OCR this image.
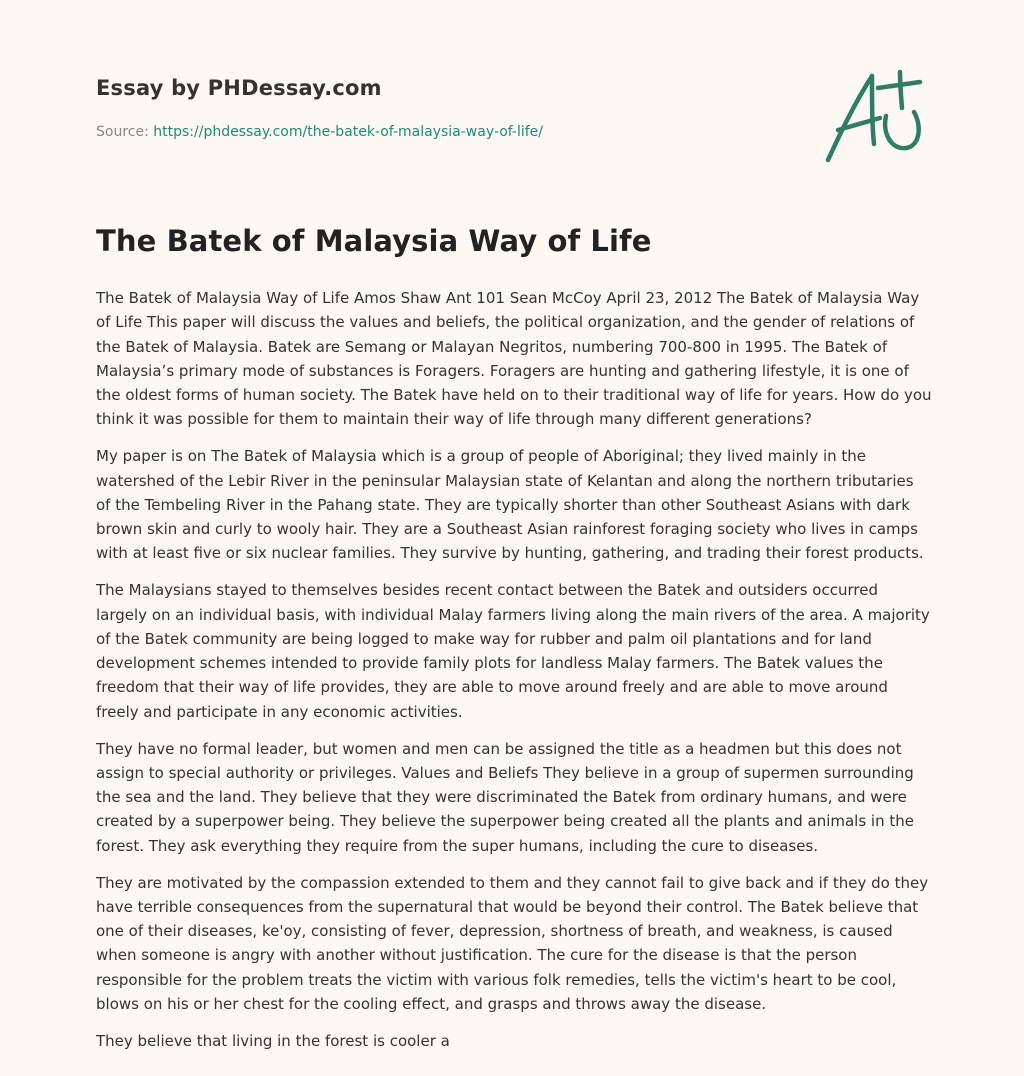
Essay by PHDessay.com
Source: https://phdessay.com/the-batek-of-malaysia-way-of-life/
The Batek of Malaysia Way of Life

The Batek of Malaysia Way of Life Amos Shaw Ant 101 Sean McCoy April 23, 2012 The Batek of Malaysia Way of Life This paper will discuss the values and beliefs, the political organization, and the gender of relations of the Batek of Malaysia. Batek are Semang or Malayan Negritos, numbering 700-800 in 1995. The Batek of Malaysia’s primary mode of substances is Foragers. Foragers are hunting and gathering lifestyle, it is one of the oldest forms of human society. The Batek have held on to their traditional way of life for years. How do you think it was possible for them to maintain their way of life through many different generations?

My paper is on The Batek of Malaysia which is a group of people of Aboriginal; they lived mainly in the watershed of the Lebir River in the peninsular Malaysian state of Kelantan and along the northern tributaries of the Tembeling River in the Pahang state. They are typically shorter than other Southeast Asians with dark brown skin and curly to wooly hair. They are a Southeast Asian rainforest foraging society who lives in camps with at least five or six nuclear families. They survive by hunting, gathering, and trading their forest products.

The Malaysians stayed to themselves besides recent contact between the Batek and outsiders occurred largely on an individual basis, with individual Malay farmers living along the main rivers of the area. A majority of the Batek community are being logged to make way for rubber and palm oil plantations and for land development schemes intended to provide family plots for landless Malay farmers. The Batek values the freedom that their way of life provides, they are able to move around freely and are able to move around freely and participate in any economic activities.

They have no formal leader, but women and men can be assigned the title as a headmen but this does not assign to special authority or privileges. Values and Beliefs They believe in a group of supermen surrounding the sea and the land. They believe that they were discriminated the Batek from ordinary humans, and were created by a superpower being. They believe the superpower being created all the plants and animals in the forest. They ask everything they require from the super humans, including the cure to diseases.

They are motivated by the compassion extended to them and they cannot fail to give back and if they do they have terrible consequences from the supernatural that would be beyond their control. The Batek believe that one of their diseases, ke'oy, consisting of fever, depression, shortness of breath, and weakness, is caused when someone is angry with another without justification. The cure for the disease is that the person responsible for the problem treats the victim with various folk remedies, tells the victim's heart to be cool, blows on his or her chest for the cooling effect, and grasps and throws away the disease.

They believe that living in the forest is cooler a
